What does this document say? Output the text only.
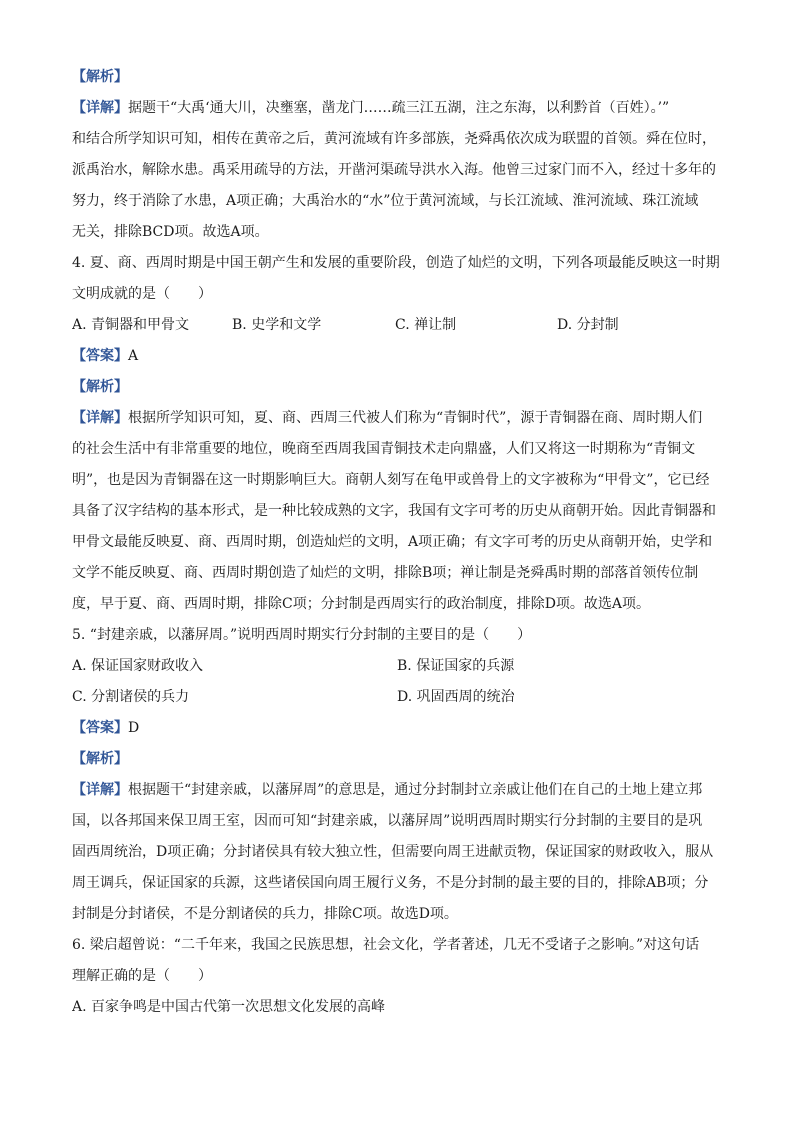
【解析】
【详解】据题干“大禹‘通大川，决壅塞，凿龙门……疏三江五湖，注之东海，以利黔首（百姓）。’”
和结合所学知识可知，相传在黄帝之后，黄河流域有许多部族，尧舜禹依次成为联盟的首领。舜在位时，
派禹治水，解除水患。禹采用疏导的方法，开凿河渠疏导洪水入海。他曾三过家门而不入，经过十多年的
努力，终于消除了水患，A项正确；大禹治水的“水”位于黄河流域，与长江流域、淮河流域、珠江流域
无关，排除BCD项。故选A项。
4. 夏、商、西周时期是中国王朝产生和发展的重要阶段，创造了灿烂的文明，下列各项最能反映这一时期
文明成就的是（　　）
A. 青铜器和甲骨文	B. 史学和文学	C. 禅让制	D. 分封制
【答案】A
【解析】
【详解】根据所学知识可知，夏、商、西周三代被人们称为“青铜时代”，源于青铜器在商、周时期人们
的社会生活中有非常重要的地位，晚商至西周我国青铜技术走向鼎盛，人们又将这一时期称为“青铜文
明”，也是因为青铜器在这一时期影响巨大。商朝人刻写在龟甲或兽骨上的文字被称为“甲骨文”，它已经
具备了汉字结构的基本形式，是一种比较成熟的文字，我国有文字可考的历史从商朝开始。因此青铜器和
甲骨文最能反映夏、商、西周时期，创造灿烂的文明，A项正确；有文字可考的历史从商朝开始，史学和
文学不能反映夏、商、西周时期创造了灿烂的文明，排除B项；禅让制是尧舜禹时期的部落首领传位制
度，早于夏、商、西周时期，排除C项；分封制是西周实行的政治制度，排除D项。故选A项。
5. “封建亲戚，以藩屏周。”说明西周时期实行分封制的主要目的是（　　）
A. 保证国家财政收入	B. 保证国家的兵源
C. 分割诸侯的兵力	D. 巩固西周的统治
【答案】D
【解析】
【详解】根据题干“封建亲戚，以藩屏周”的意思是，通过分封制封立亲戚让他们在自己的土地上建立邦
国，以各邦国来保卫周王室，因而可知“封建亲戚，以藩屏周”说明西周时期实行分封制的主要目的是巩
固西周统治，D项正确；分封诸侯具有较大独立性，但需要向周王进献贡物，保证国家的财政收入，服从
周王调兵，保证国家的兵源，这些诸侯国向周王履行义务，不是分封制的最主要的目的，排除AB项；分
封制是分封诸侯，不是分割诸侯的兵力，排除C项。故选D项。
6. 梁启超曾说：“二千年来，我国之民族思想，社会文化，学者著述，几无不受诸子之影响。”对这句话
理解正确的是（　　）
A. 百家争鸣是中国古代第一次思想文化发展的高峰
